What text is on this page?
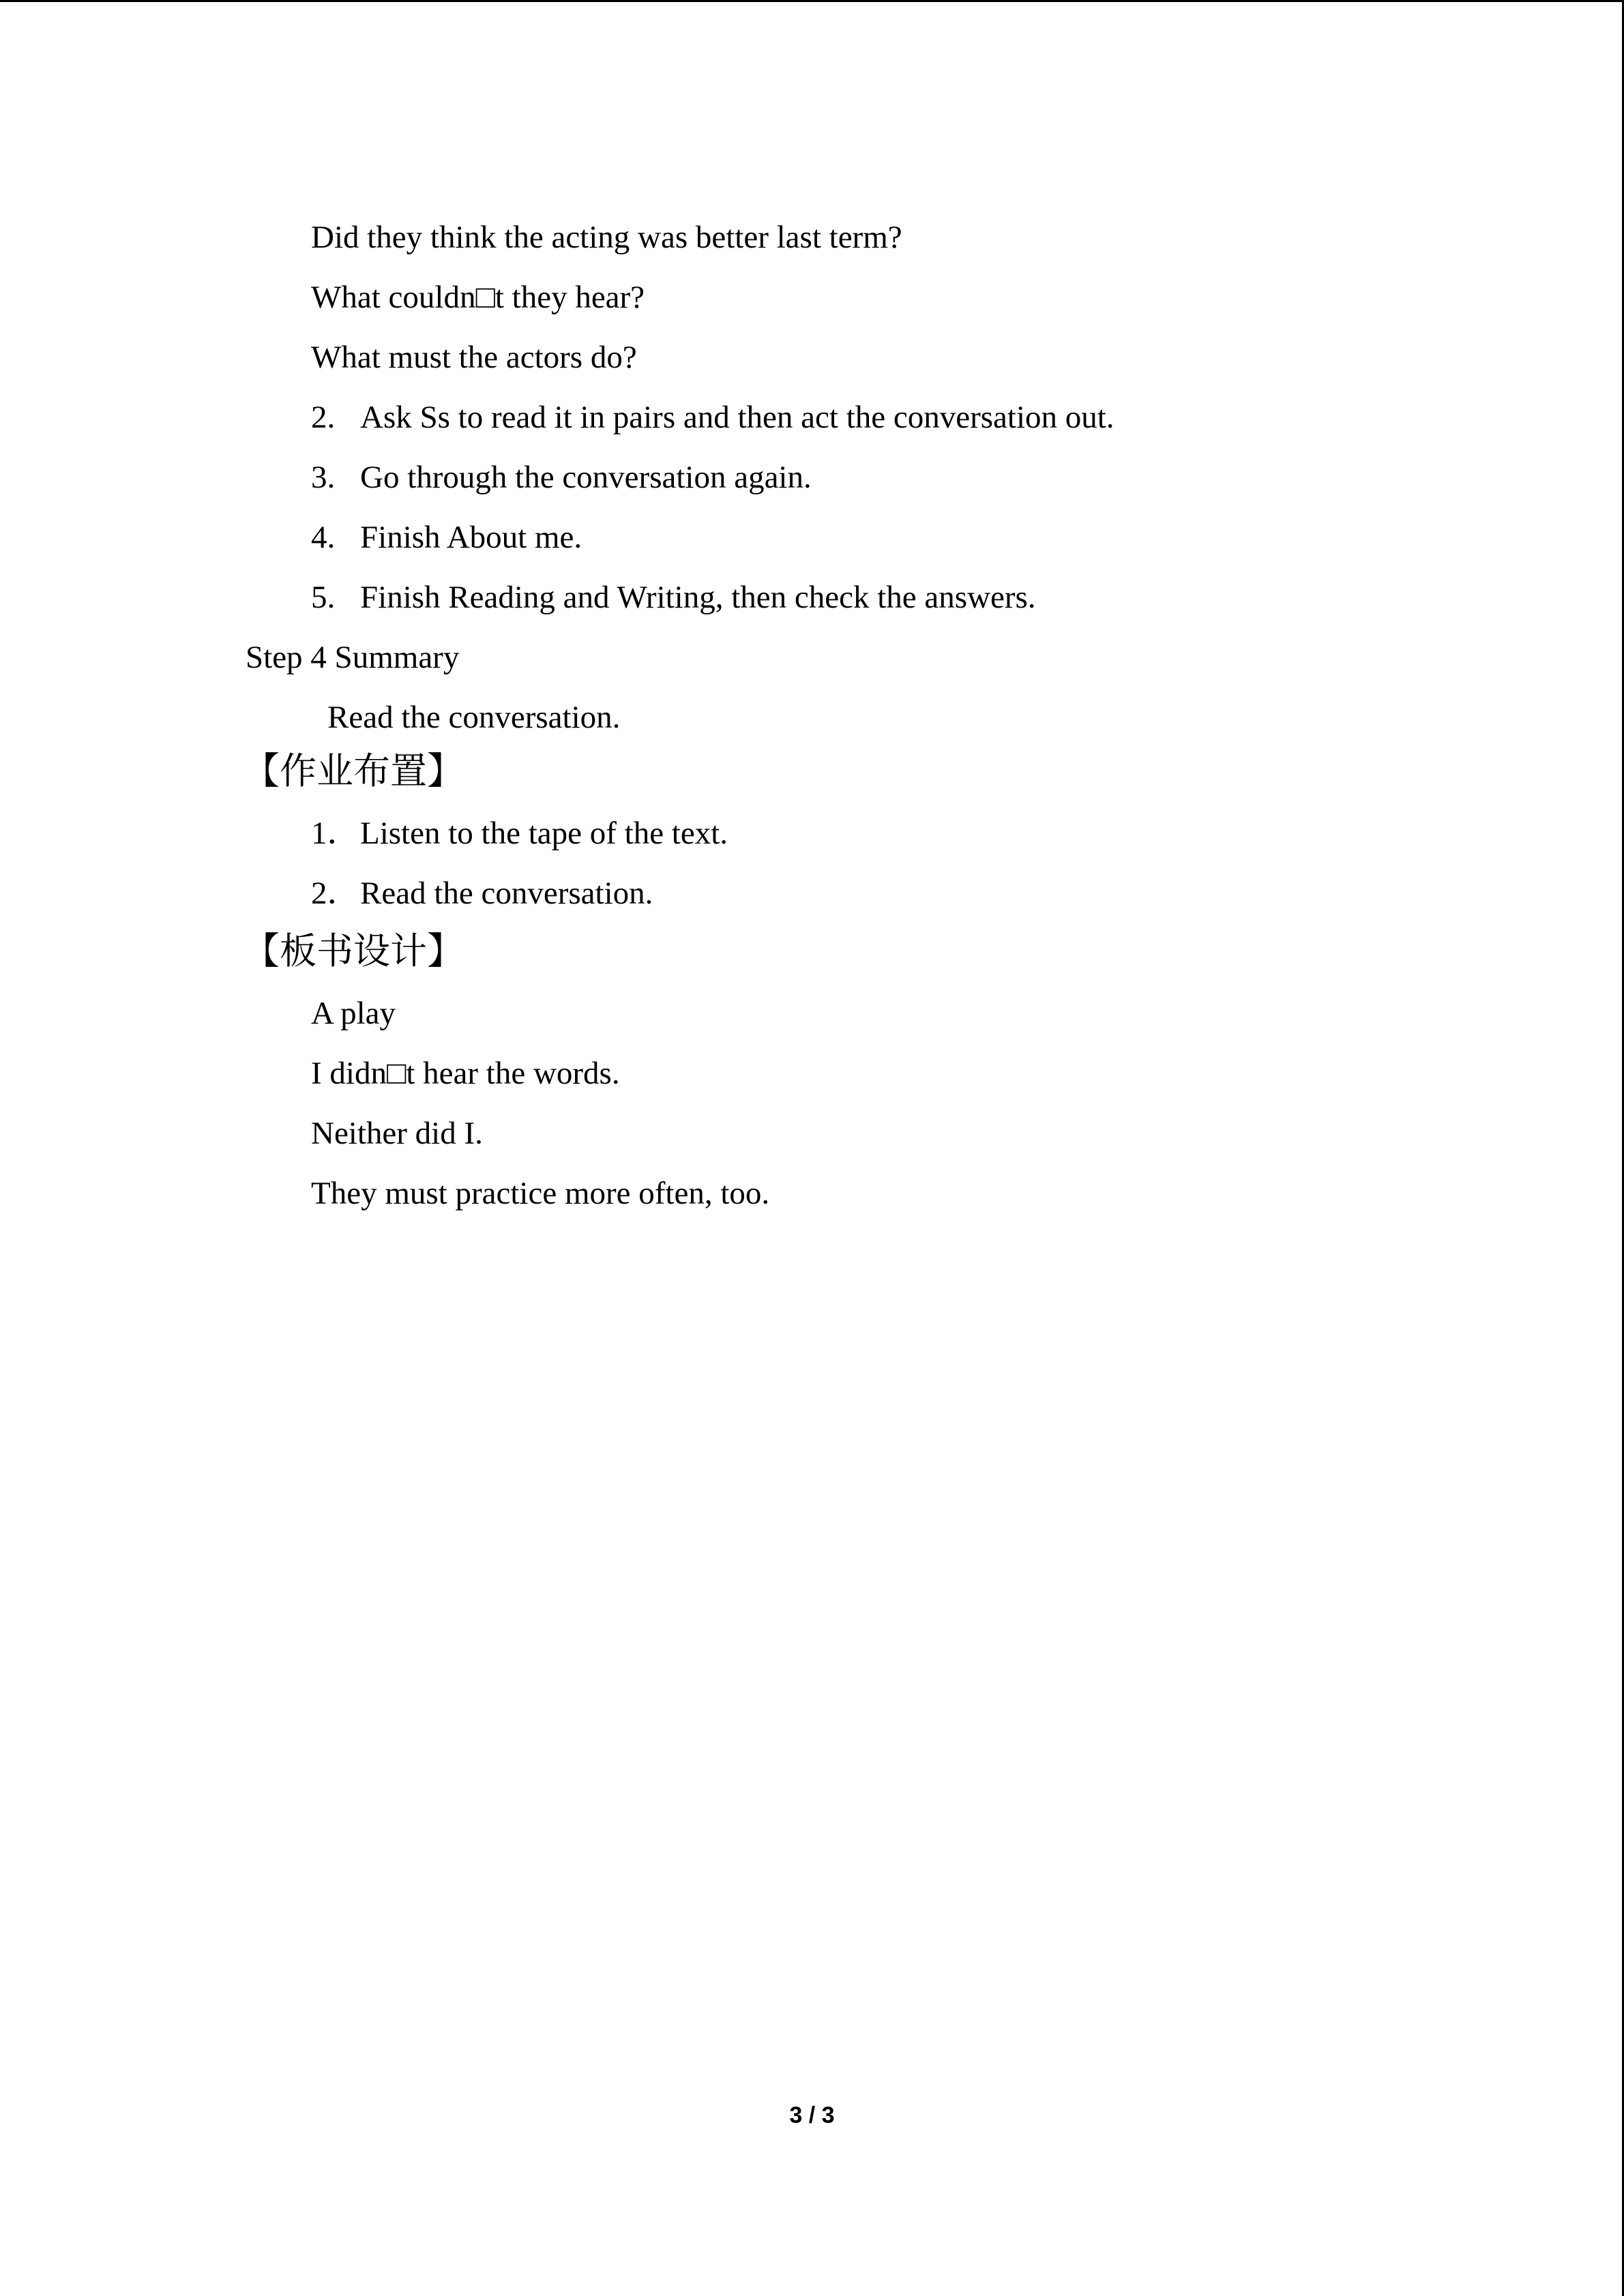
Did they think the acting was better last term?
What couldn□t they hear?
What must the actors do?
2. Ask Ss to read it in pairs and then act the conversation out.
3. Go through the conversation again.
4. Finish About me.
5. Finish Reading and Writing, then check the answers.
Step 4 Summary
Read the conversation.
【作业布置】
1．Listen to the tape of the text.
2．Read the conversation.
【板书设计】
A play
I didn□t hear the words.
Neither did I.
They must practice more often, too.
3 / 3
